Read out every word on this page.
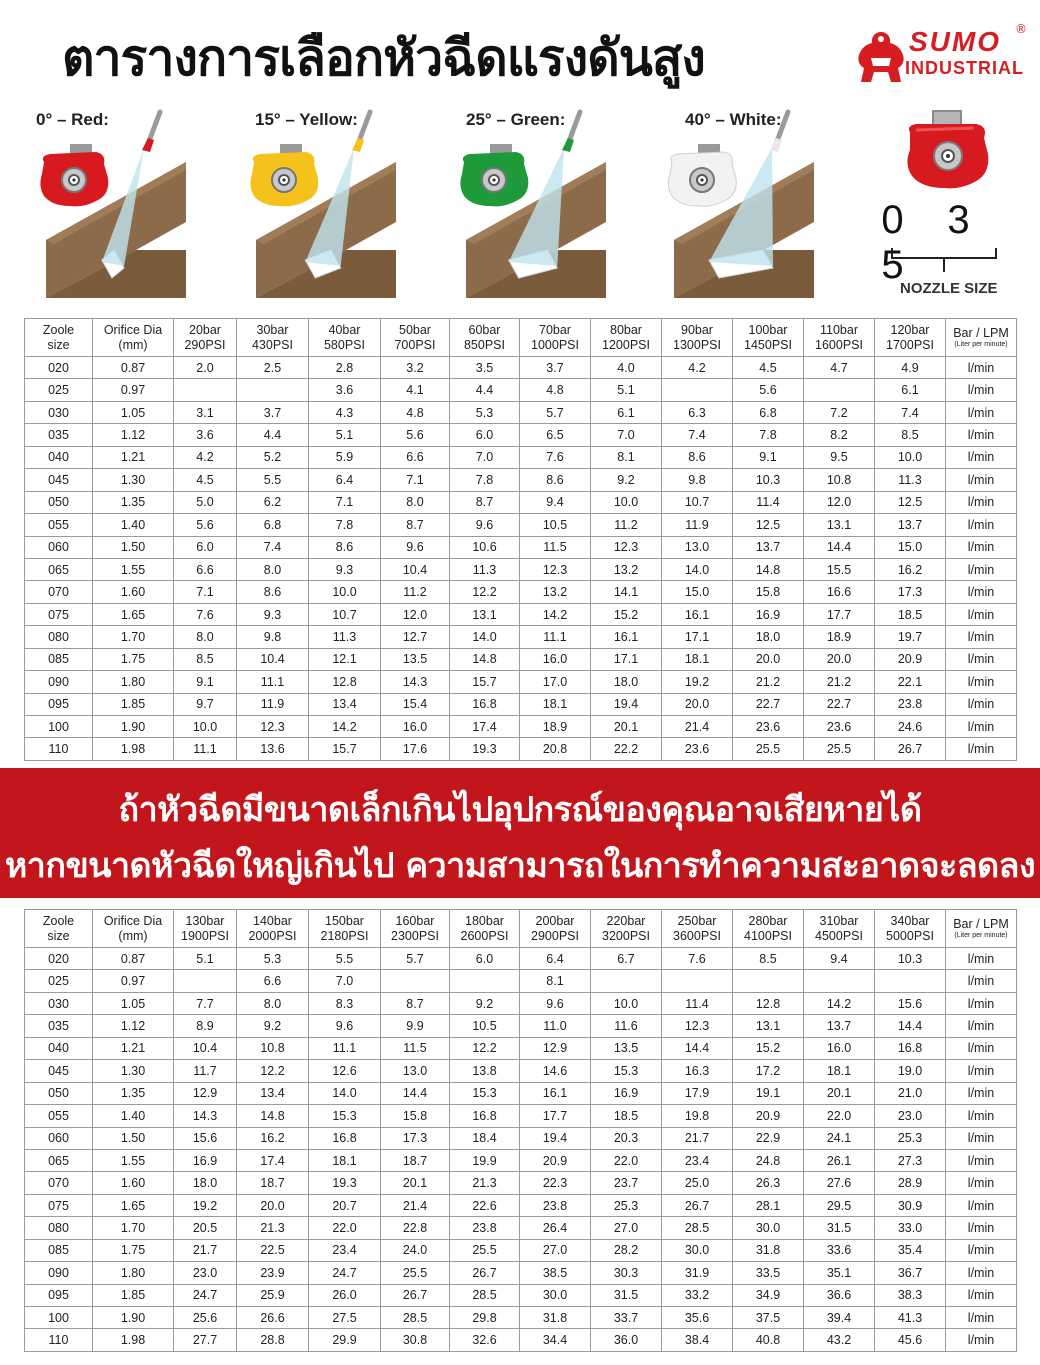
ตารางการเลือกหัวฉีดแรงดันสูง	SUMO ®
INDUSTRIAL
0° – Red:	15° – Yellow:	25° – Green:	40° – White:
0 35
NOZZLE SIZE
Zoole
size	Orifice Dia
(mm)	20bar
290PSI	30bar
430PSI	40bar
580PSI	50bar
700PSI	60bar
850PSI	70bar
1000PSI	80bar
1200PSI	90bar
1300PSI	100bar
1450PSI	110bar
1600PSI	120bar
1700PSI	Bar / LPM
(Liter per minute)

020	0.87	2.0	2.5	2.8	3.2	3.5	3.7	4.0	4.2	4.5	4.7	4.9	l/min
025	0.97			3.6	4.1	4.4	4.8	5.1		5.6		6.1	l/min
030	1.05	3.1	3.7	4.3	4.8	5.3	5.7	6.1	6.3	6.8	7.2	7.4	l/min
035	1.12	3.6	4.4	5.1	5.6	6.0	6.5	7.0	7.4	7.8	8.2	8.5	l/min
040	1.21	4.2	5.2	5.9	6.6	7.0	7.6	8.1	8.6	9.1	9.5	10.0	l/min
045	1.30	4.5	5.5	6.4	7.1	7.8	8.6	9.2	9.8	10.3	10.8	11.3	l/min
050	1.35	5.0	6.2	7.1	8.0	8.7	9.4	10.0	10.7	11.4	12.0	12.5	l/min
055	1.40	5.6	6.8	7.8	8.7	9.6	10.5	11.2	11.9	12.5	13.1	13.7	l/min
060	1.50	6.0	7.4	8.6	9.6	10.6	11.5	12.3	13.0	13.7	14.4	15.0	l/min
065	1.55	6.6	8.0	9.3	10.4	11.3	12.3	13.2	14.0	14.8	15.5	16.2	l/min
070	1.60	7.1	8.6	10.0	11.2	12.2	13.2	14.1	15.0	15.8	16.6	17.3	l/min
075	1.65	7.6	9.3	10.7	12.0	13.1	14.2	15.2	16.1	16.9	17.7	18.5	l/min
080	1.70	8.0	9.8	11.3	12.7	14.0	11.1	16.1	17.1	18.0	18.9	19.7	l/min
085	1.75	8.5	10.4	12.1	13.5	14.8	16.0	17.1	18.1	20.0	20.0	20.9	l/min
090	1.80	9.1	11.1	12.8	14.3	15.7	17.0	18.0	19.2	21.2	21.2	22.1	l/min
095	1.85	9.7	11.9	13.4	15.4	16.8	18.1	19.4	20.0	22.7	22.7	23.8	l/min
100	1.90	10.0	12.3	14.2	16.0	17.4	18.9	20.1	21.4	23.6	23.6	24.6	l/min
110	1.98	11.1	13.6	15.7	17.6	19.3	20.8	22.2	23.6	25.5	25.5	26.7	l/min
ถ้าหัวฉีดมีขนาดเล็กเกินไปอุปกรณ์ของคุณอาจเสียหายได้
หากขนาดหัวฉีดใหญ่เกินไป ความสามารถในการทำความสะอาดจะลดลงได้
Zoole
size	Orifice Dia
(mm)	130bar
1900PSI	140bar
2000PSI	150bar
2180PSI	160bar
2300PSI	180bar
2600PSI	200bar
2900PSI	220bar
3200PSI	250bar
3600PSI	280bar
4100PSI	310bar
4500PSI	340bar
5000PSI	Bar / LPM
(Liter per minute)

020	0.87	5.1	5.3	5.5	5.7	6.0	6.4	6.7	7.6	8.5	9.4	10.3	l/min
025	0.97		6.6	7.0			8.1						l/min
030	1.05	7.7	8.0	8.3	8.7	9.2	9.6	10.0	11.4	12.8	14.2	15.6	l/min
035	1.12	8.9	9.2	9.6	9.9	10.5	11.0	11.6	12.3	13.1	13.7	14.4	l/min
040	1.21	10.4	10.8	11.1	11.5	12.2	12.9	13.5	14.4	15.2	16.0	16.8	l/min
045	1.30	11.7	12.2	12.6	13.0	13.8	14.6	15.3	16.3	17.2	18.1	19.0	l/min
050	1.35	12.9	13.4	14.0	14.4	15.3	16.1	16.9	17.9	19.1	20.1	21.0	l/min
055	1.40	14.3	14.8	15.3	15.8	16.8	17.7	18.5	19.8	20.9	22.0	23.0	l/min
060	1.50	15.6	16.2	16.8	17.3	18.4	19.4	20.3	21.7	22.9	24.1	25.3	l/min
065	1.55	16.9	17.4	18.1	18.7	19.9	20.9	22.0	23.4	24.8	26.1	27.3	l/min
070	1.60	18.0	18.7	19.3	20.1	21.3	22.3	23.7	25.0	26.3	27.6	28.9	l/min
075	1.65	19.2	20.0	20.7	21.4	22.6	23.8	25.3	26.7	28.1	29.5	30.9	l/min
080	1.70	20.5	21.3	22.0	22.8	23.8	26.4	27.0	28.5	30.0	31.5	33.0	l/min
085	1.75	21.7	22.5	23.4	24.0	25.5	27.0	28.2	30.0	31.8	33.6	35.4	l/min
090	1.80	23.0	23.9	24.7	25.5	26.7	38.5	30.3	31.9	33.5	35.1	36.7	l/min
095	1.85	24.7	25.9	26.0	26.7	28.5	30.0	31.5	33.2	34.9	36.6	38.3	l/min
100	1.90	25.6	26.6	27.5	28.5	29.8	31.8	33.7	35.6	37.5	39.4	41.3	l/min
110	1.98	27.7	28.8	29.9	30.8	32.6	34.4	36.0	38.4	40.8	43.2	45.6	l/min
